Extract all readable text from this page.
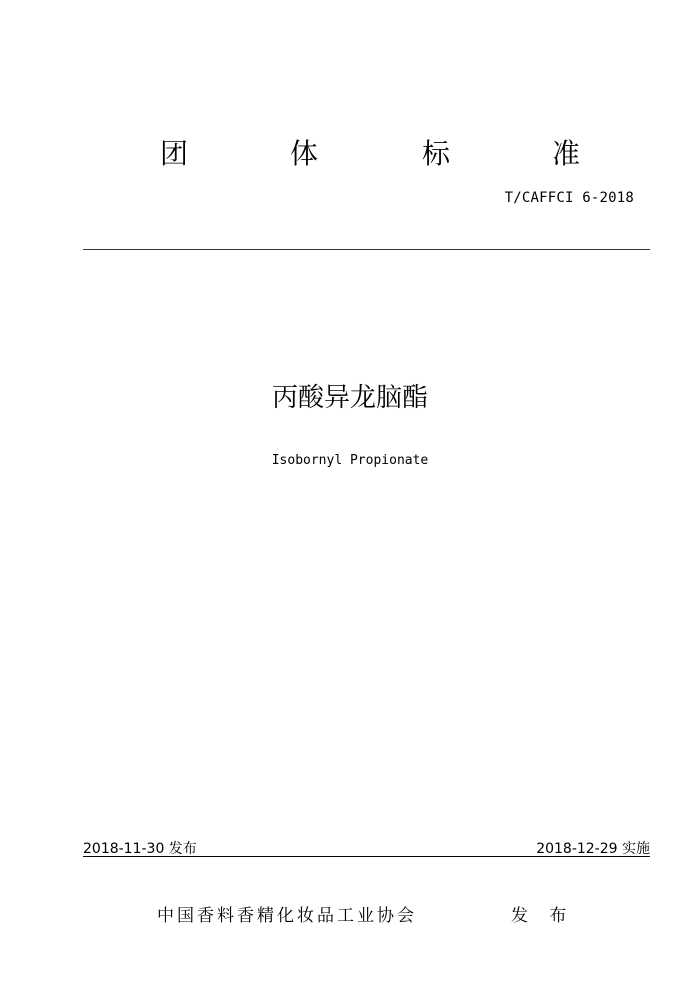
团	体	标	准
T/CAFFCI 6-2018
丙酸异龙脑酯
Isobornyl Propionate
2018-11-30 发布	2018-12-29 实施
中国香料香精化妆品工业协会	发 布
